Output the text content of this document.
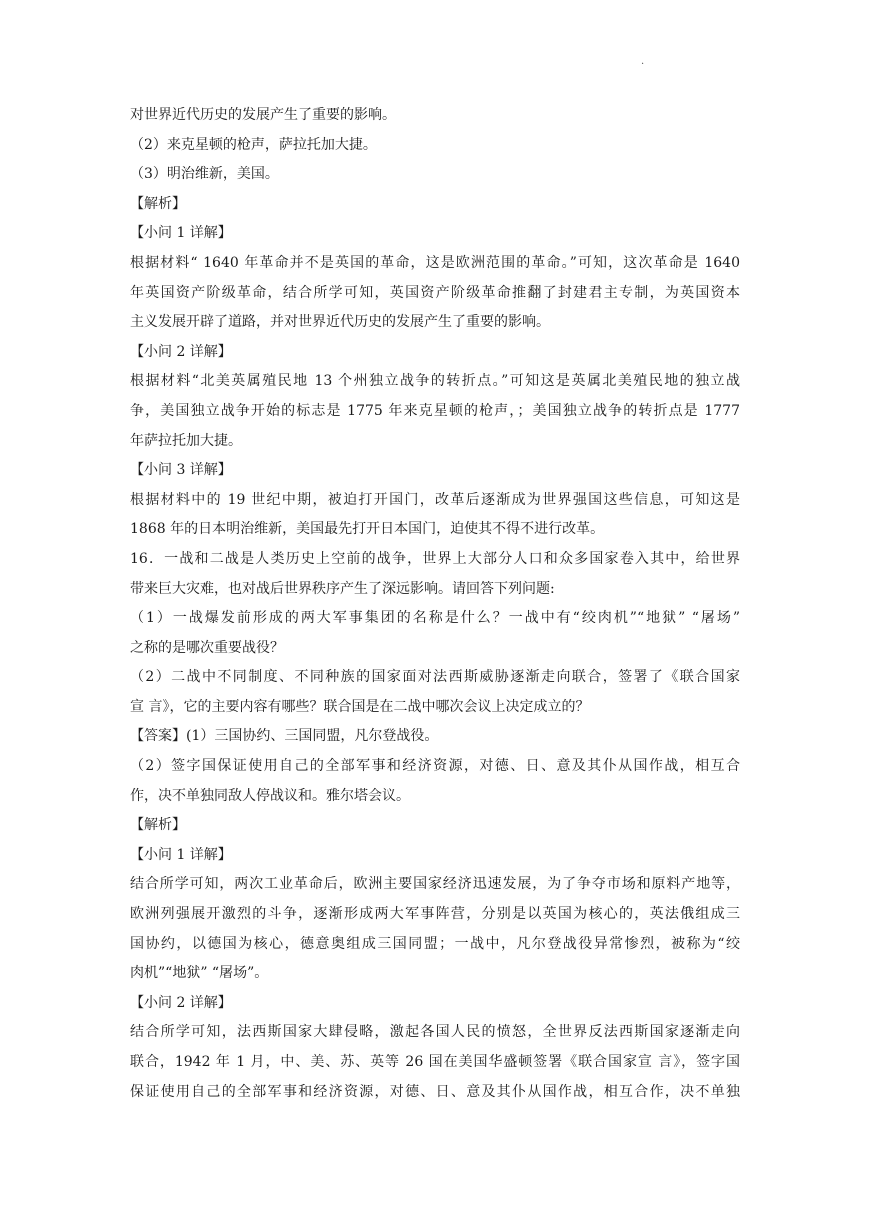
.
对世界近代历史的发展产生了重要的影响。
（2）来克星顿的枪声，萨拉托加大捷。
（3）明治维新，美国。
【解析】
【小问 1 详解】
根据材料“ 1640 年革命并不是英国的革命，这是欧洲范围的革命。”可知，这次革命是 1640
年英国资产阶级革命，结合所学可知，英国资产阶级革命推翻了封建君主专制，为英国资本
主义发展开辟了道路，并对世界近代历史的发展产生了重要的影响。
【小问 2 详解】
根据材料“北美英属殖民地 13 个州独立战争的转折点。”可知这是英属北美殖民地的独立战
争，美国独立战争开始的标志是 1775 年来克星顿的枪声，；美国独立战争的转折点是 1777
年萨拉托加大捷。
【小问 3 详解】
根据材料中的 19 世纪中期，被迫打开国门，改革后逐渐成为世界强国这些信息，可知这是
1868 年的日本明治维新，美国最先打开日本国门，迫使其不得不进行改革。
16．一战和二战是人类历史上空前的战争，世界上大部分人口和众多国家卷入其中，给世界
带来巨大灾难，也对战后世界秩序产生了深远影响。请回答下列问题:
（1）一战爆发前形成的两大军事集团的名称是什么？一战中有“绞肉机”“地狱” “屠场”
之称的是哪次重要战役？
（2）二战中不同制度、不同种族的国家面对法西斯威胁逐渐走向联合，签署了《联合国家
宣 言》，它的主要内容有哪些？联合国是在二战中哪次会议上决定成立的？
【答案】(1）三国协约、三国同盟，凡尔登战役。
（2）签字国保证使用自己的全部军事和经济资源，对德、日、意及其仆从国作战，相互合
作，决不单独同敌人停战议和。雅尔塔会议。
【解析】
【小问 1 详解】
结合所学可知，两次工业革命后，欧洲主要国家经济迅速发展，为了争夺市场和原料产地等，
欧洲列强展开激烈的斗争，逐渐形成两大军事阵营，分别是以英国为核心的，英法俄组成三
国协约，以德国为核心，德意奥组成三国同盟；一战中，凡尔登战役异常惨烈，被称为“绞
肉机”“地狱” “屠场”。
【小问 2 详解】
结合所学可知，法西斯国家大肆侵略，激起各国人民的愤怒，全世界反法西斯国家逐渐走向
联合，1942 年 1 月，中、美、苏、英等 26 国在美国华盛顿签署《联合国家宣 言》，签字国
保证使用自己的全部军事和经济资源，对德、日、意及其仆从国作战，相互合作，决不单独
